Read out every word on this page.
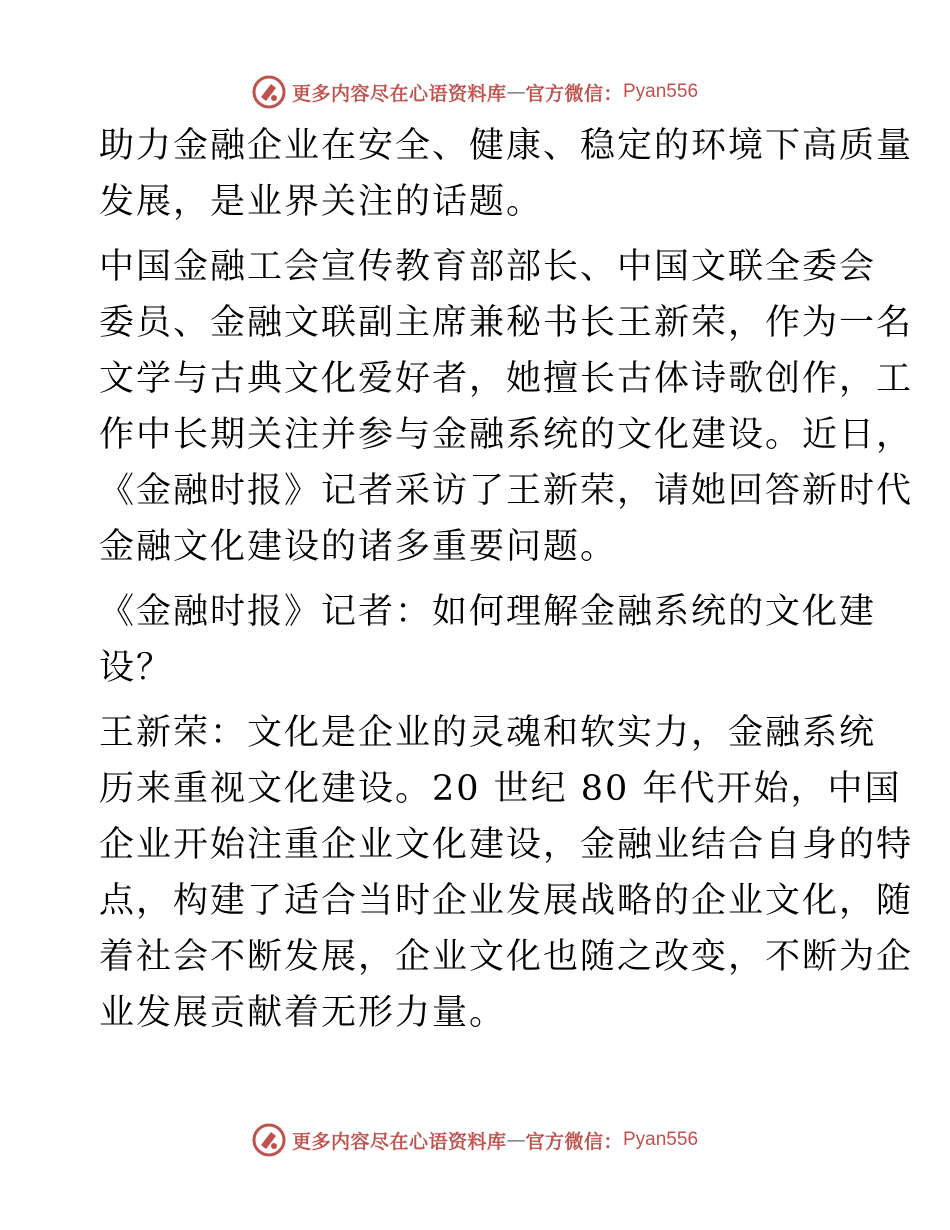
更多内容尽在心语资料库 — 官方微信： Pyan556
助力金融企业在安全、健康、稳定的环境下高质量
发展，是业界关注的话题。
中国金融工会宣传教育部部长、中国文联全委会
委员、金融文联副主席兼秘书长王新荣，作为一名
文学与古典文化爱好者，她擅长古体诗歌创作，工
作中长期关注并参与金融系统的文化建设。近日，
《金融时报》记者采访了王新荣，请她回答新时代
金融文化建设的诸多重要问题。
《金融时报》记者：如何理解金融系统的文化建
设？
王新荣：文化是企业的灵魂和软实力，金融系统
历来重视文化建设。20 世纪 80 年代开始，中国
企业开始注重企业文化建设，金融业结合自身的特
点，构建了适合当时企业发展战略的企业文化，随
着社会不断发展，企业文化也随之改变，不断为企
业发展贡献着无形力量。
更多内容尽在心语资料库 — 官方微信： Pyan556
